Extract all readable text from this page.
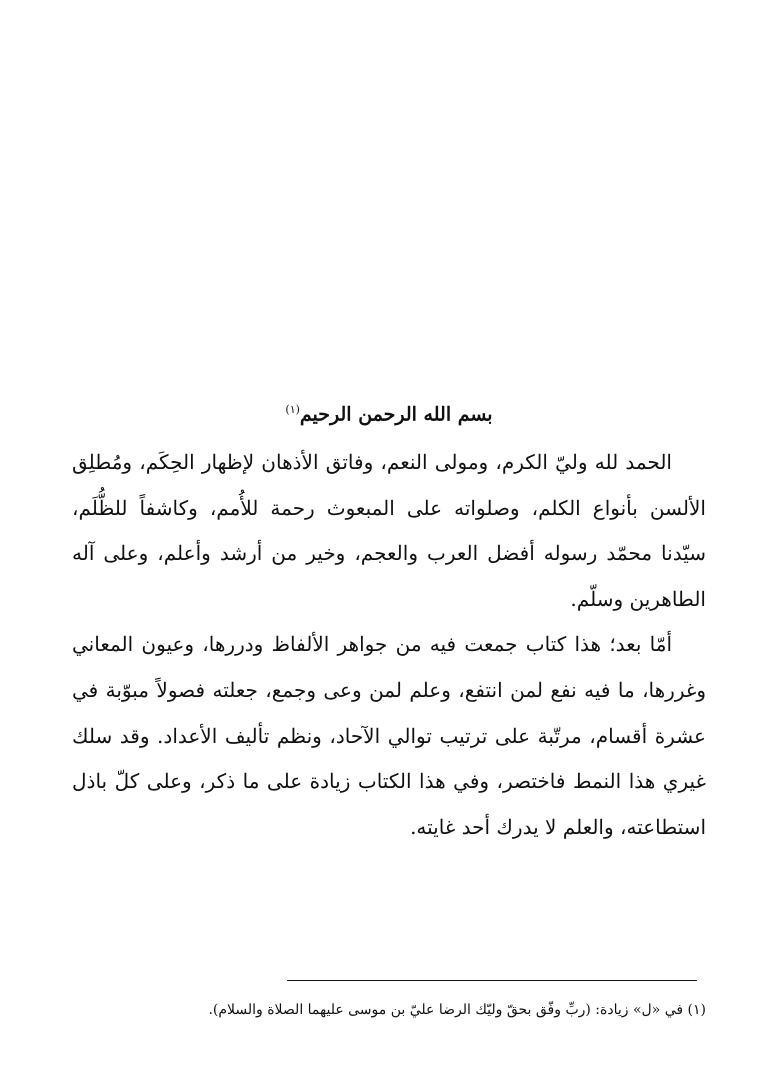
بسم الله الرحمن الرحيم$^{(١)}$

الحمد لله وليّ الكرم، ومولى النعم، وفاتق الأذهان لإظهار الحِكَم، ومُطلِق الألسن بأنواع الكلم، وصلواته على المبعوث رحمة للأُمم، وكاشفاً للظُّلَم، سيّدنا محمّد رسوله أفضل العرب والعجم، وخير من أرشد وأعلم، وعلى آله الطاهرين وسلّم.

أمّا بعد؛ هذا كتاب جمعت فيه من جواهر الألفاظ ودررها، وعيون المعاني وغررها، ما فيه نفع لمن انتفع، وعلم لمن وعى وجمع، جعلته فصولاً مبوّبة في عشرة أقسام، مرتّبة على ترتيب توالي الآحاد، ونظم تأليف الأعداد. وقد سلك غيري هذا النمط فاختصر، وفي هذا الكتاب زيادة على ما ذكر، وعلى كلّ باذل استطاعته، والعلم لا يدرك أحد غايته.

(١) في «ل» زيادة: (ربِّ وفّق بحقّ وليّك الرضا عليّ بن موسى عليهما الصلاة والسلام).
